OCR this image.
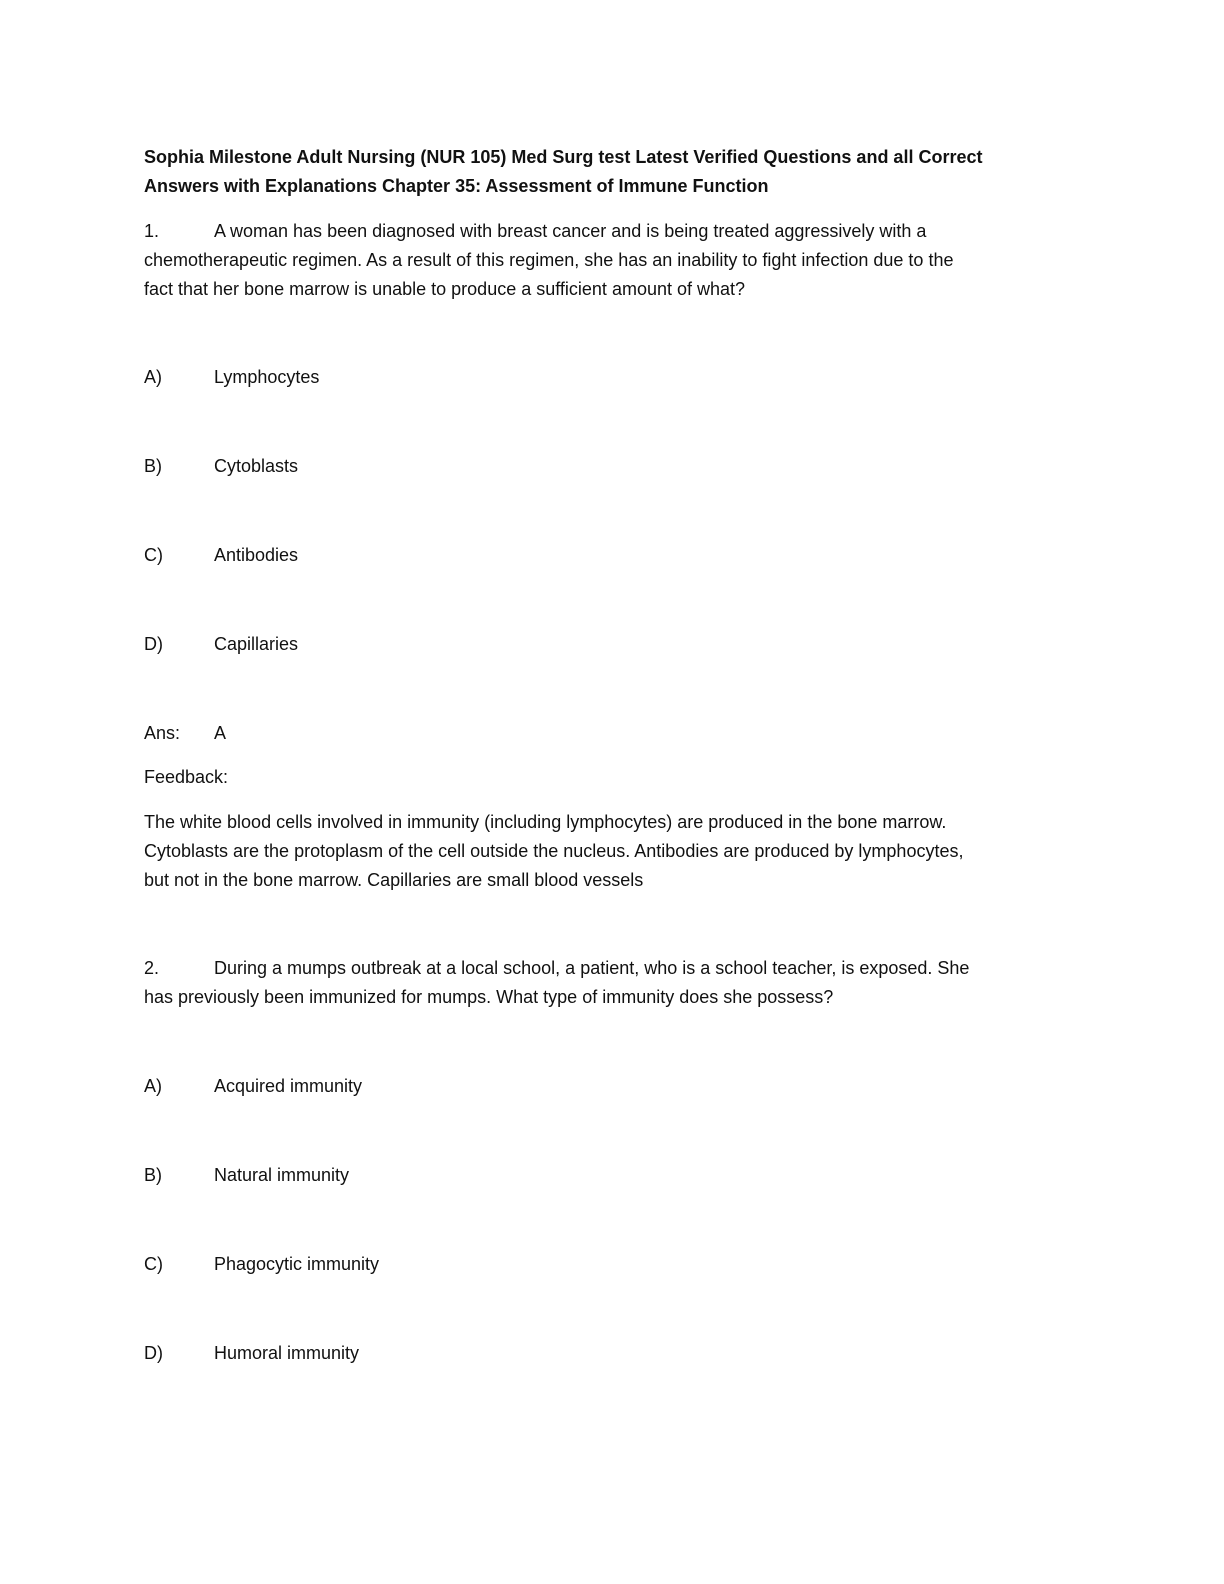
Sophia Milestone Adult Nursing (NUR 105) Med Surg test Latest Verified Questions and all Correct
Answers with Explanations Chapter 35: Assessment of Immune Function
1.	A woman has been diagnosed with breast cancer and is being treated aggressively with a
chemotherapeutic regimen. As a result of this regimen, she has an inability to fight infection due to the
fact that her bone marrow is unable to produce a sufficient amount of what?
A)	Lymphocytes
B)	Cytoblasts
C)	Antibodies
D)	Capillaries
Ans: A
Feedback:
The white blood cells involved in immunity (including lymphocytes) are produced in the bone marrow.
Cytoblasts are the protoplasm of the cell outside the nucleus. Antibodies are produced by lymphocytes,
but not in the bone marrow. Capillaries are small blood vessels
2.	During a mumps outbreak at a local school, a patient, who is a school teacher, is exposed. She
has previously been immunized for mumps. What type of immunity does she possess?
A)	Acquired immunity
B)	Natural immunity
C)	Phagocytic immunity
D)	Humoral immunity
